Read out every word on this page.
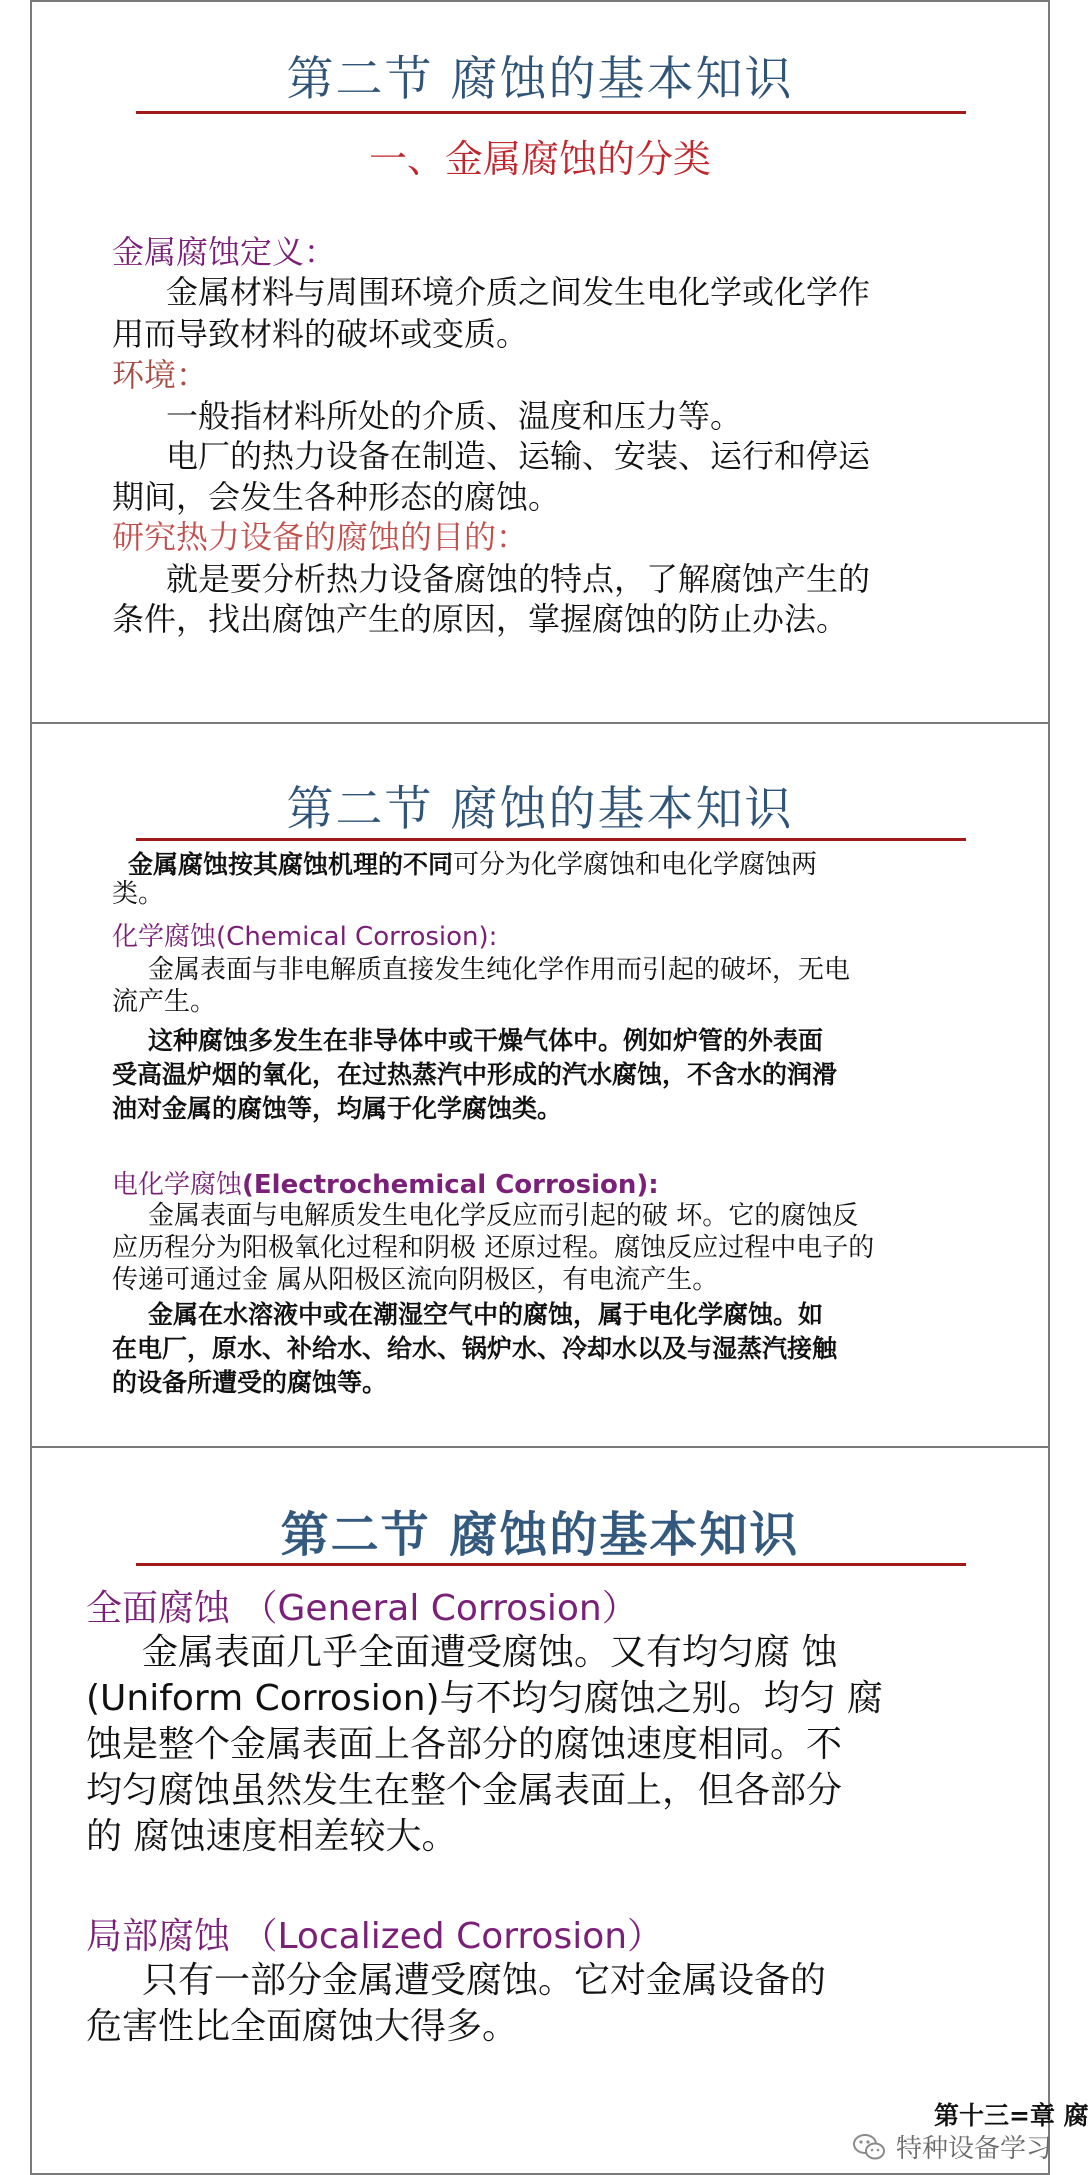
第二节 腐蚀的基本知识
一、金属腐蚀的分类
金属腐蚀定义：
金属材料与周围环境介质之间发生电化学或化学作
用而导致材料的破坏或变质。
环境：
一般指材料所处的介质、温度和压力等。
电厂的热力设备在制造、运输、安装、运行和停运
期间，会发生各种形态的腐蚀。
研究热力设备的腐蚀的目的：
就是要分析热力设备腐蚀的特点，了解腐蚀产生的
条件，找出腐蚀产生的原因，掌握腐蚀的防止办法。
第二节 腐蚀的基本知识
金属腐蚀按其腐蚀机理的不同可分为化学腐蚀和电化学腐蚀两
类。
化学腐蚀(Chemical Corrosion):
金属表面与非电解质直接发生纯化学作用而引起的破坏，无电
流产生。
这种腐蚀多发生在非导体中或干燥气体中。例如炉管的外表面
受高温炉烟的氧化，在过热蒸汽中形成的汽水腐蚀，不含水的润滑
油对金属的腐蚀等，均属于化学腐蚀类。
电化学腐蚀(Electrochemical Corrosion):
金属表面与电解质发生电化学反应而引起的破 坏。它的腐蚀反
应历程分为阳极氧化过程和阴极 还原过程。腐蚀反应过程中电子的
传递可通过金 属从阳极区流向阴极区，有电流产生。
金属在水溶液中或在潮湿空气中的腐蚀，属于电化学腐蚀。如
在电厂，原水、补给水、给水、锅炉水、冷却水以及与湿蒸汽接触
的设备所遭受的腐蚀等。
第二节 腐蚀的基本知识
全面腐蚀 （General Corrosion）
金属表面几乎全面遭受腐蚀。又有均匀腐 蚀
(Uniform Corrosion)与不均匀腐蚀之别。均匀 腐
蚀是整个金属表面上各部分的腐蚀速度相同。不
均匀腐蚀虽然发生在整个金属表面上，但各部分
的 腐蚀速度相差较大。
局部腐蚀 （Localized Corrosion）
只有一部分金属遭受腐蚀。它对金属设备的
危害性比全面腐蚀大得多。
第十三=章 腐
特种设备学习
